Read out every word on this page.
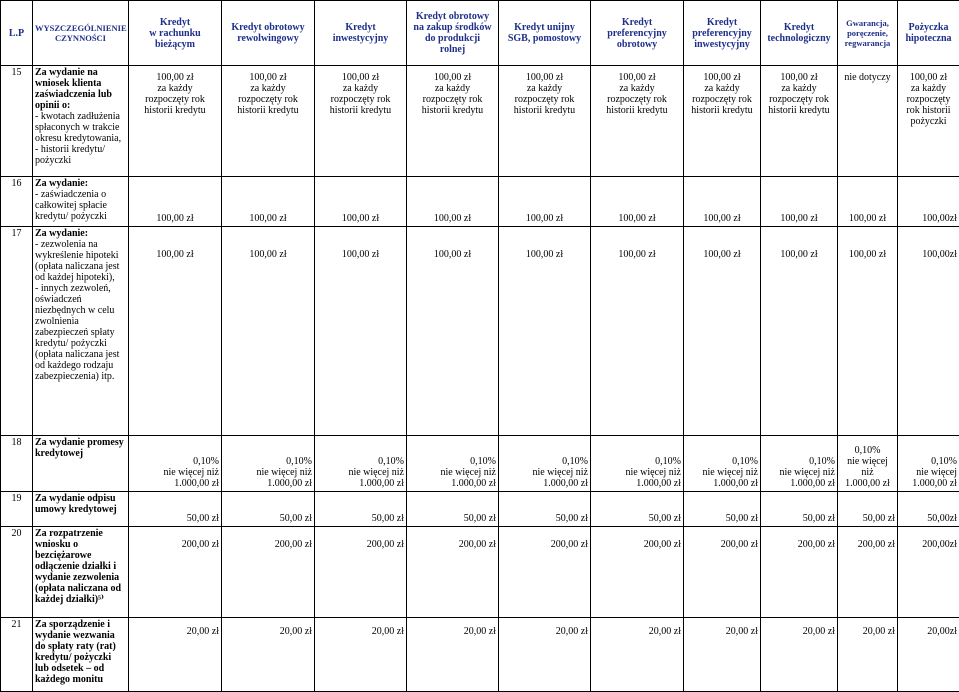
L.P	WYSZCZEGÓLNIENIE CZYNNOŚCI	Kredyt
w rachunku
bieżącym	Kredyt obrotowy
rewolwingowy	Kredyt
inwestycyjny	Kredyt obrotowy
na zakup środków
do produkcji
rolnej	Kredyt unijny
SGB, pomostowy	Kredyt
preferencyjny
obrotowy	Kredyt
preferencyjny
inwestycyjny	Kredyt
technologiczny	Gwarancja,
poręczenie,
regwarancja	Pożyczka
hipoteczna
15	Za wydanie na wniosek klienta zaświadczenia lub opinii o:
- kwotach zadłużenia spłaconych w trakcie okresu kredytowania,
- historii kredytu/ pożyczki	100,00 zł
za każdy
rozpoczęty rok
historii kredytu	100,00 zł
za każdy
rozpoczęty rok
historii kredytu	100,00 zł
za każdy
rozpoczęty rok
historii kredytu	100,00 zł
za każdy
rozpoczęty rok
historii kredytu	100,00 zł
za każdy
rozpoczęty rok
historii kredytu	100,00 zł
za każdy
rozpoczęty rok
historii kredytu	100,00 zł
za każdy
rozpoczęty rok
historii kredytu	100,00 zł
za każdy
rozpoczęty rok
historii kredytu	nie dotyczy	100,00 zł
za każdy
rozpoczęty
rok historii
pożyczki
16	Za wydanie:
- zaświadczenia o całkowitej spłacie kredytu/ pożyczki	100,00 zł	100,00 zł	100,00 zł	100,00 zł	100,00 zł	100,00 zł	100,00 zł	100,00 zł	100,00 zł	100,00zł
17	Za wydanie:
- zezwolenia na wykreślenie hipoteki (opłata naliczana jest od każdej hipoteki),
- innych zezwoleń, oświadczeń niezbędnych w celu zwolnienia zabezpieczeń spłaty kredytu/ pożyczki (opłata naliczana jest od każdego rodzaju zabezpieczenia) itp.	100,00 zł	100,00 zł	100,00 zł	100,00 zł	100,00 zł	100,00 zł	100,00 zł	100,00 zł	100,00 zł	100,00zł
18	Za wydanie promesy kredytowej	0,10%
nie więcej niż
1.000,00 zł	0,10%
nie więcej niż
1.000,00 zł	0,10%
nie więcej niż
1.000,00 zł	0,10%
nie więcej niż
1.000,00 zł	0,10%
nie więcej niż
1.000,00 zł	0,10%
nie więcej niż
1.000,00 zł	0,10%
nie więcej niż
1.000,00 zł	0,10%
nie więcej niż
1.000,00 zł	0,10%
nie więcej
niż
1.000,00 zł	0,10%
nie więcej
1.000,00 zł
19	Za wydanie odpisu umowy kredytowej	50,00 zł	50,00 zł	50,00 zł	50,00 zł	50,00 zł	50,00 zł	50,00 zł	50,00 zł	50,00 zł	50,00zł
20	Za rozpatrzenie wniosku o bezciężarowe odłączenie działki i wydanie zezwolenia (opłata naliczana od każdej działki)⁵⁾	200,00 zł	200,00 zł	200,00 zł	200,00 zł	200,00 zł	200,00 zł	200,00 zł	200,00 zł	200,00 zł	200,00zł
21	Za sporządzenie i wydanie wezwania do spłaty raty (rat) kredytu/ pożyczki lub odsetek – od każdego monitu	20,00 zł	20,00 zł	20,00 zł	20,00 zł	20,00 zł	20,00 zł	20,00 zł	20,00 zł	20,00 zł	20,00zł
